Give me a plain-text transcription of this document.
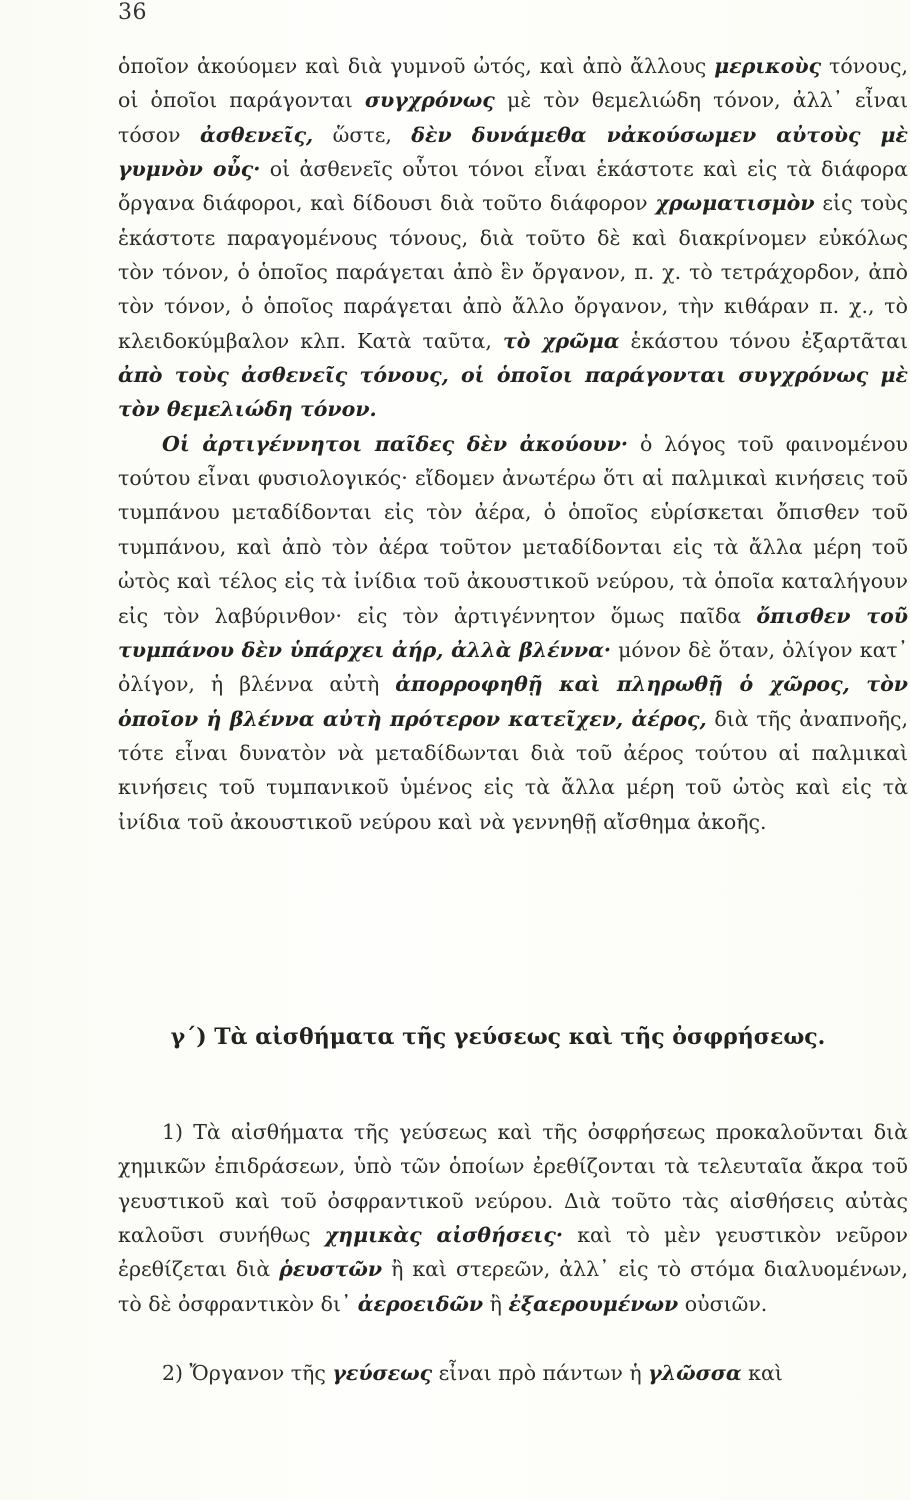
36

ὁποῖον ἀκούομεν καὶ διὰ γυμνοῦ ὠτός, καὶ ἀπὸ ἄλλους μερικοὺς τόνους, οἱ ὁποῖοι παράγονται συγχρόνως μὲ τὸν θεμελιώδη τόνον, ἀλλ᾽ εἶναι τόσον ἀσθενεῖς, ὥστε, δὲν δυνάμεθα νἀκούσωμεν αὐτοὺς μὲ γυμνὸν οὖς· οἱ ἀσθενεῖς οὗτοι τόνοι εἶναι ἑκάστοτε καὶ εἰς τὰ διάφορα ὄργανα διάφοροι, καὶ δίδουσι διὰ τοῦτο διάφορον χρωματισμὸν εἰς τοὺς ἑκάστοτε παραγομένους τόνους, διὰ τοῦτο δὲ καὶ διακρίνομεν εὐκόλως τὸν τόνον, ὁ ὁποῖος παράγεται ἀπὸ ἓν ὄργανον, π. χ. τὸ τετράχορδον, ἀπὸ τὸν τόνον, ὁ ὁποῖος παράγεται ἀπὸ ἄλλο ὄργανον, τὴν κιθάραν π. χ., τὸ κλειδοκύμβαλον κλπ. Κατὰ ταῦτα, τὸ χρῶμα ἑκάστου τόνου ἐξαρτᾶται ἀπὸ τοὺς ἀσθενεῖς τόνους, οἱ ὁποῖοι παράγονται συγχρόνως μὲ τὸν θεμελιώδη τόνον.
Οἱ ἀρτιγέννητοι παῖδες δὲν ἀκούουν· ὁ λόγος τοῦ φαινομένου τούτου εἶναι φυσιολογικός· εἴδομεν ἀνωτέρω ὅτι αἱ παλμικαὶ κινήσεις τοῦ τυμπάνου μεταδίδονται εἰς τὸν ἀέρα, ὁ ὁποῖος εὑρίσκεται ὄπισθεν τοῦ τυμπάνου, καὶ ἀπὸ τὸν ἀέρα τοῦτον μεταδίδονται εἰς τὰ ἄλλα μέρη τοῦ ὠτὸς καὶ τέλος εἰς τὰ ἰνίδια τοῦ ἀκουστικοῦ νεύρου, τὰ ὁποῖα καταλήγουν εἰς τὸν λαβύρινθον· εἰς τὸν ἀρτιγέννητον ὅμως παῖδα ὄπισθεν τοῦ τυμπάνου δὲν ὑπάρχει ἀήρ, ἀλλὰ βλέννα· μόνον δὲ ὅταν, ὀλίγον κατ᾽ ὀλίγον, ἡ βλέννα αὐτὴ ἀπορροφηθῇ καὶ πληρωθῇ ὁ χῶρος, τὸν ὁποῖον ἡ βλέννα αὐτὴ πρότερον κατεῖχεν, ἀέρος, διὰ τῆς ἀναπνοῆς, τότε εἶναι δυνατὸν νὰ μεταδίδωνται διὰ τοῦ ἀέρος τούτου αἱ παλμικαὶ κινήσεις τοῦ τυμπανικοῦ ὑμένος εἰς τὰ ἄλλα μέρη τοῦ ὠτὸς καὶ εἰς τὰ ἰνίδια τοῦ ἀκουστικοῦ νεύρου καὶ νὰ γεννηθῇ αἴσθημα ἀκοῆς.

γ΄) Τὰ αἰσθήματα τῆς γεύσεως καὶ τῆς ὀσφρήσεως.

1) Τὰ αἰσθήματα τῆς γεύσεως καὶ τῆς ὀσφρήσεως προκαλοῦνται διὰ χημικῶν ἐπιδράσεων, ὑπὸ τῶν ὁποίων ἐρεθίζονται τὰ τελευταῖα ἄκρα τοῦ γευστικοῦ καὶ τοῦ ὀσφραντικοῦ νεύρου. Διὰ τοῦτο τὰς αἰσθήσεις αὐτὰς καλοῦσι συνήθως χημικὰς αἰσθήσεις· καὶ τὸ μὲν γευστικὸν νεῦρον ἐρεθίζεται διὰ ῥευστῶν ἢ καὶ στερεῶν, ἀλλ᾽ εἰς τὸ στόμα διαλυομένων, τὸ δὲ ὀσφραντικὸν δι᾽ ἀεροειδῶν ἢ ἐξαερουμένων οὐσιῶν.

2) Ὄργανον τῆς γεύσεως εἶναι πρὸ πάντων ἡ γλῶσσα καὶ
